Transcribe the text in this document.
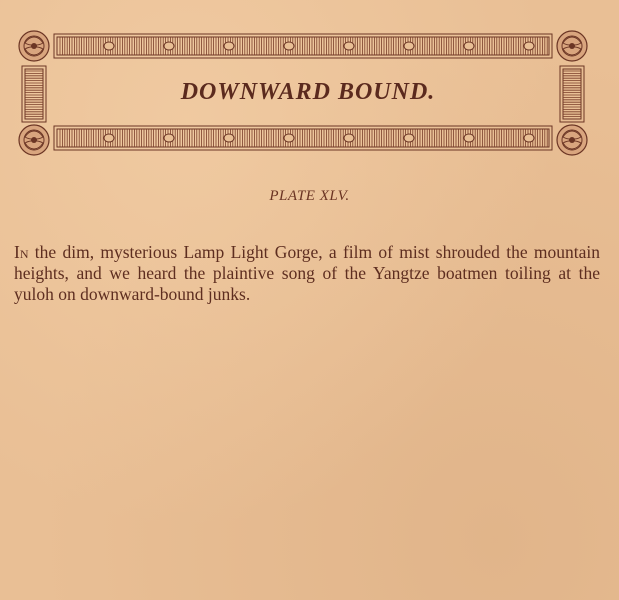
DOWNWARD BOUND.
PLATE XLV.

In the dim, mysterious Lamp Light Gorge, a film of mist shrouded the mountain heights, and we heard the plaintive song of the Yangtze boatmen toiling at the yuloh on downward-bound junks.
